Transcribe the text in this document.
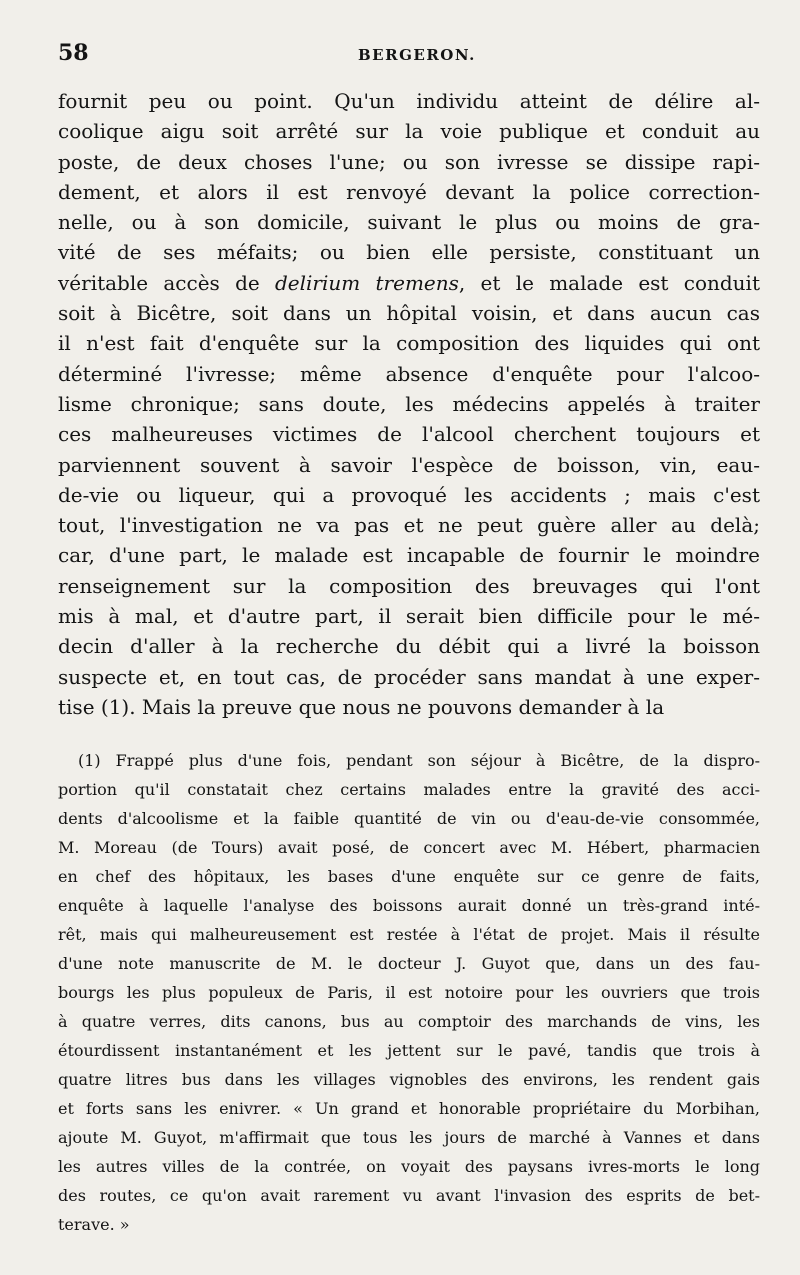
58	BERGERON.
fournit peu ou point. Qu'un individu atteint de délire al-
coolique aigu soit arrêté sur la voie publique et conduit au
poste, de deux choses l'une; ou son ivresse se dissipe rapi-
dement, et alors il est renvoyé devant la police correction-
nelle, ou à son domicile, suivant le plus ou moins de gra-
vité de ses méfaits; ou bien elle persiste, constituant un
véritable accès de delirium tremens, et le malade est conduit
soit à Bicêtre, soit dans un hôpital voisin, et dans aucun cas
il n'est fait d'enquête sur la composition des liquides qui ont
déterminé l'ivresse; même absence d'enquête pour l'alcoo-
lisme chronique; sans doute, les médecins appelés à traiter
ces malheureuses victimes de l'alcool cherchent toujours et
parviennent souvent à savoir l'espèce de boisson, vin, eau-
de-vie ou liqueur, qui a provoqué les accidents ; mais c'est
tout, l'investigation ne va pas et ne peut guère aller au delà;
car, d'une part, le malade est incapable de fournir le moindre
renseignement sur la composition des breuvages qui l'ont
mis à mal, et d'autre part, il serait bien difficile pour le mé-
decin d'aller à la recherche du débit qui a livré la boisson
suspecte et, en tout cas, de procéder sans mandat à une exper-
tise (1). Mais la preuve que nous ne pouvons demander à la
(1) Frappé plus d'une fois, pendant son séjour à Bicêtre, de la dispro-
portion qu'il constatait chez certains malades entre la gravité des acci-
dents d'alcoolisme et la faible quantité de vin ou d'eau-de-vie consommée,
M. Moreau (de Tours) avait posé, de concert avec M. Hébert, pharmacien
en chef des hôpitaux, les bases d'une enquête sur ce genre de faits,
enquête à laquelle l'analyse des boissons aurait donné un très-grand inté-
rêt, mais qui malheureusement est restée à l'état de projet. Mais il résulte
d'une note manuscrite de M. le docteur J. Guyot que, dans un des fau-
bourgs les plus populeux de Paris, il est notoire pour les ouvriers que trois
à quatre verres, dits canons, bus au comptoir des marchands de vins, les
étourdissent instantanément et les jettent sur le pavé, tandis que trois à
quatre litres bus dans les villages vignobles des environs, les rendent gais
et forts sans les enivrer. « Un grand et honorable propriétaire du Morbihan,
ajoute M. Guyot, m'affirmait que tous les jours de marché à Vannes et dans
les autres villes de la contrée, on voyait des paysans ivres-morts le long
des routes, ce qu'on avait rarement vu avant l'invasion des esprits de bet-
terave. »
